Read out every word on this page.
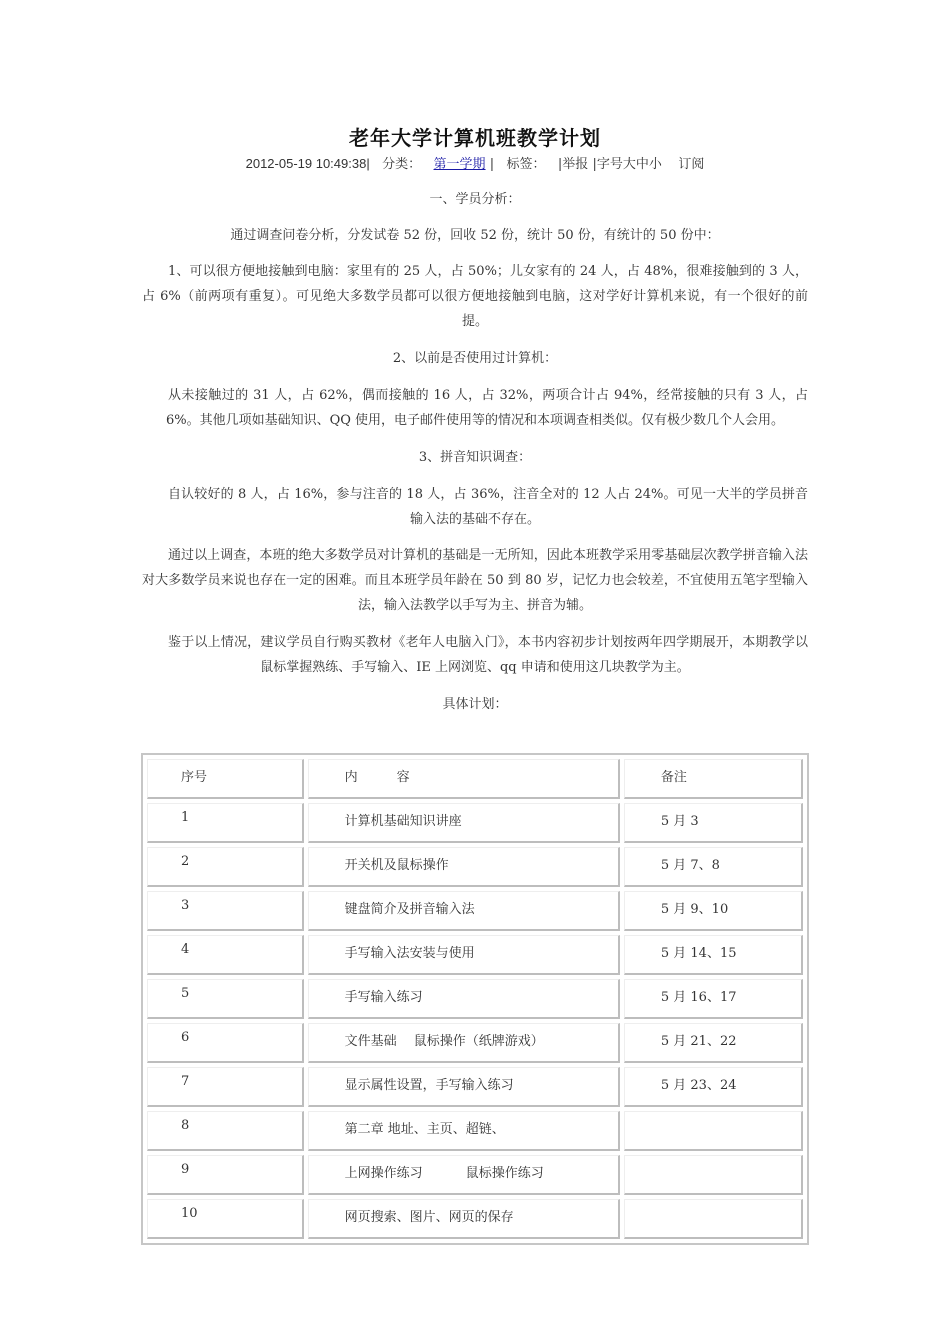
老年大学计算机班教学计划
2012-05-19 10:49:38| 分类： 第一学期 | 标签： |举报 |字号大中小 订阅
一、学员分析：
通过调查问卷分析，分发试卷 52 份，回收 52 份，统计 50 份，有统计的 50 份中：
1、可以很方便地接触到电脑：家里有的 25 人，占 50%；儿女家有的 24 人，占 48%，很难接触到的 3 人，占 6%（前两项有重复）。可见绝大多数学员都可以很方便地接触到电脑，这对学好计算机来说，有一个很好的前提。
2、以前是否使用过计算机：
从未接触过的 31 人，占 62%，偶而接触的 16 人，占 32%，两项合计占 94%，经常接触的只有 3 人，占 6%。其他几项如基础知识、QQ 使用，电子邮件使用等的情况和本项调查相类似。仅有极少数几个人会用。
3、拼音知识调查：
自认较好的 8 人，占 16%，参与注音的 18 人，占 36%，注音全对的 12 人占 24%。可见一大半的学员拼音输入法的基础不存在。
通过以上调查，本班的绝大多数学员对计算机的基础是一无所知，因此本班教学采用零基础层次教学拼音输入法对大多数学员来说也存在一定的困难。而且本班学员年龄在 50 到 80 岁，记忆力也会较差，不宜使用五笔字型输入法，输入法教学以手写为主、拼音为辅。
鉴于以上情况，建议学员自行购买教材《老年人电脑入门》，本书内容初步计划按两年四学期展开，本期教学以鼠标掌握熟练、手写输入、IE 上网浏览、qq 申请和使用这几块教学为主。
具体计划：
序号	内　　　容	备注
1	计算机基础知识讲座	5 月 3
2	开关机及鼠标操作	5 月 7、8
3	键盘简介及拼音输入法	5 月 9、10
4	手写输入法安装与使用	5 月 14、15
5	手写输入练习	5 月 16、17
6	文件基础　 鼠标操作（纸牌游戏）	5 月 21、22
7	显示属性设置，手写输入练习	5 月 23、24
8	第二章 地址、主页、超链、	
9	上网操作练习　　　 鼠标操作练习	
10	网页搜索、图片、网页的保存	
